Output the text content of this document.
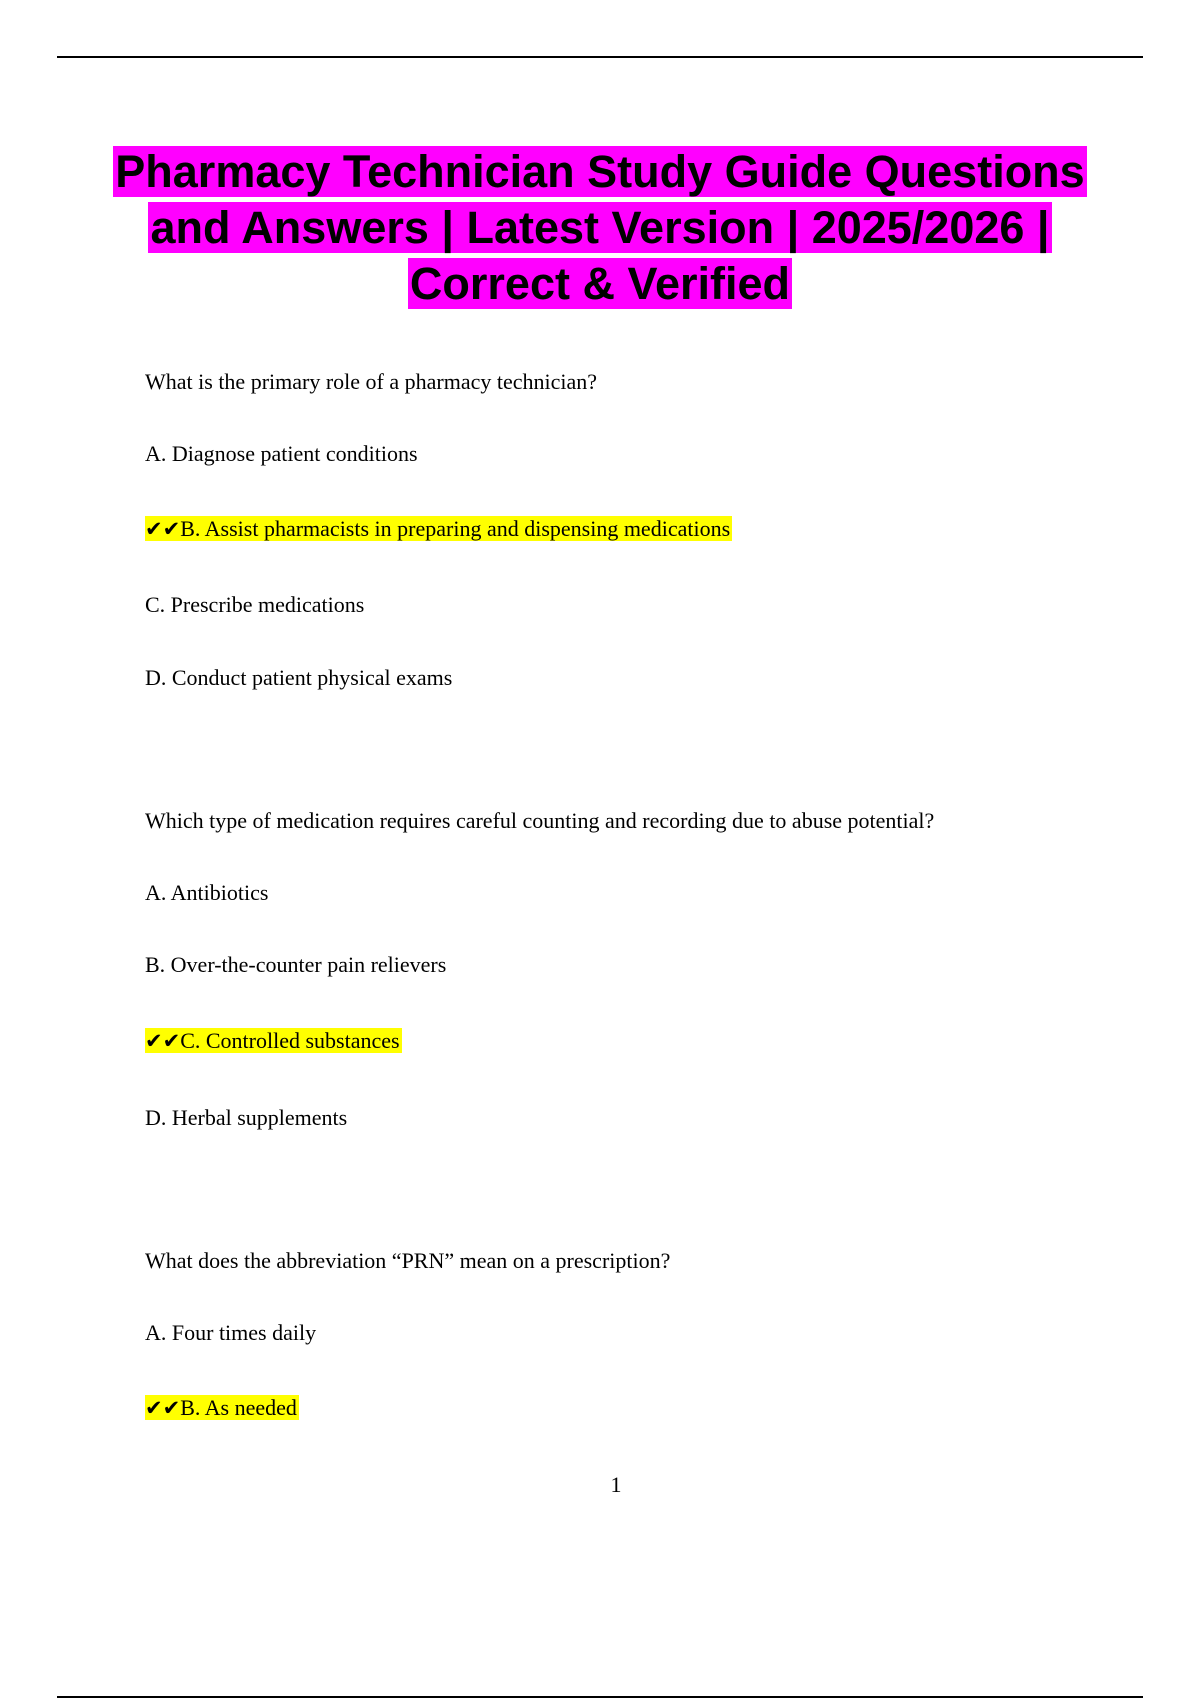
Pharmacy Technician Study Guide Questions and Answers | Latest Version | 2025/2026 | Correct & Verified

What is the primary role of a pharmacy technician?

A. Diagnose patient conditions

✔✔B. Assist pharmacists in preparing and dispensing medications

C. Prescribe medications

D. Conduct patient physical exams

Which type of medication requires careful counting and recording due to abuse potential?

A. Antibiotics

B. Over-the-counter pain relievers

✔✔C. Controlled substances

D. Herbal supplements

What does the abbreviation “PRN” mean on a prescription?

A. Four times daily

✔✔B. As needed

1
